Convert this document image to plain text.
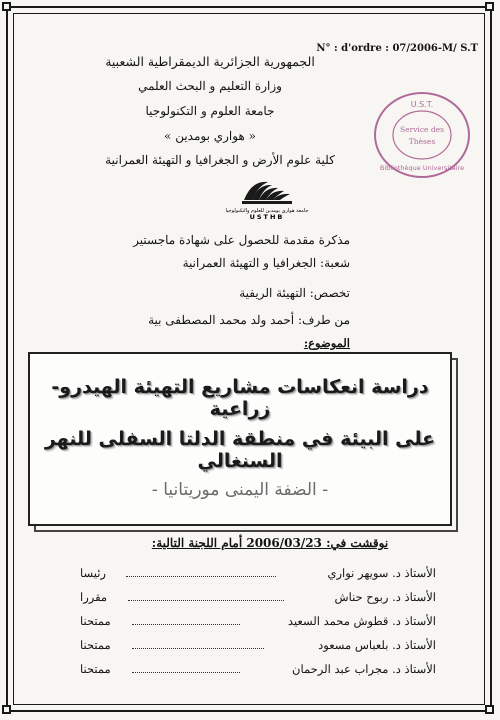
N° : d'ordre : 07/2006-M/ S.T
الجمهورية الجزائرية الديمقراطية الشعبية
وزارة التعليم و البحث العلمي
جامعة العلوم و التكنولوجيا
« هواري بومدين »
كلية علوم الأرض و الجغرافيا و التهيئة العمرانية
جامعة هواري بومدين للعلوم والتكنولوجيا
USTHB
U.S.T.
Service des
Thèses
Bibliothèque Universitaire
مذكرة مقدمة للحصول على شهادة ماجستير
شعبة: الجغرافيا و التهيئة العمرانية
تخصص: التهيئة الريفية
من طرف: أحمد ولد محمد المصطفى بية
الموضوع:
دراسة انعكاسات مشاريع التهيئة الهيدرو-زراعية
على البيئة في منطقة الدلتا السفلى للنهر السنغالي
- الضفة اليمنى موريتانيا -
نوقشت في: 2006/03/23 أمام اللجنة التالية:
الأستاذ د. سويهر نواري
رئيسا
الأستاذ د. ربوح حناش
مقررا
الأستاذ د. قطوش محمد السعيد
ممتحنا
الأستاذ د. بلعباس مسعود
ممتحنا
الأستاذ د. مجراب عبد الرحمان
ممتحنا
